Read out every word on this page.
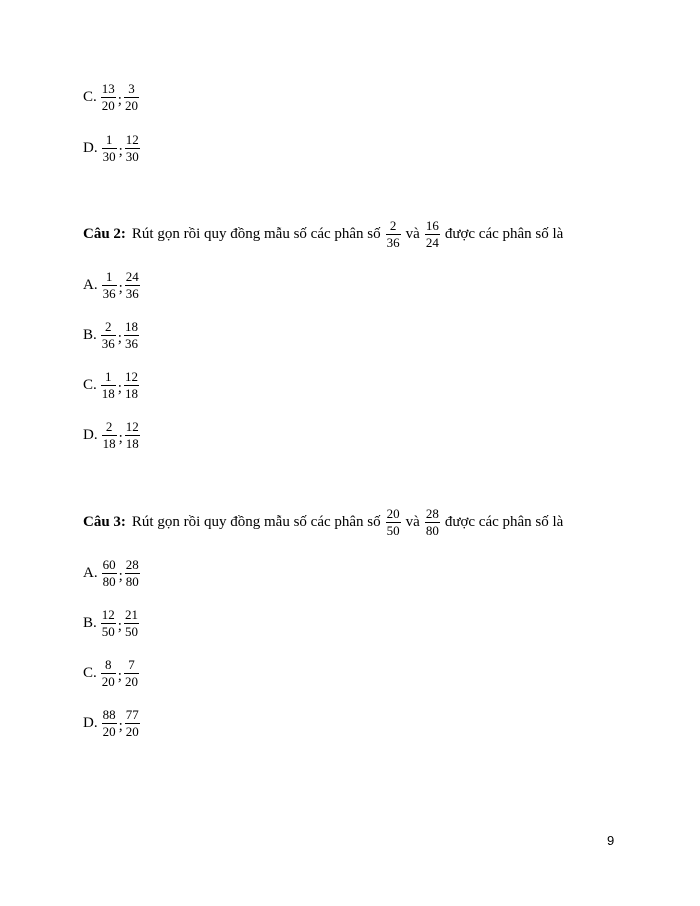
C. $\frac{13}{20}$ ; $\frac{3}{20}$
D. $\frac{1}{30}$ ; $\frac{12}{30}$
Câu 2: Rút gọn rồi quy đồng mẫu số các phân số $\frac{2}{36}$ và $\frac{16}{24}$ được các phân số là
A. $\frac{1}{36}$ ; $\frac{24}{36}$
B. $\frac{2}{36}$ ; $\frac{18}{36}$
C. $\frac{1}{18}$ ; $\frac{12}{18}$
D. $\frac{2}{18}$ ; $\frac{12}{18}$
Câu 3: Rút gọn rồi quy đồng mẫu số các phân số $\frac{20}{50}$ và $\frac{28}{80}$ được các phân số là
A. $\frac{60}{80}$ ; $\frac{28}{80}$
B. $\frac{12}{50}$ ; $\frac{21}{50}$
C. $\frac{8}{20}$ ; $\frac{7}{20}$
D. $\frac{88}{20}$ ; $\frac{77}{20}$
9
